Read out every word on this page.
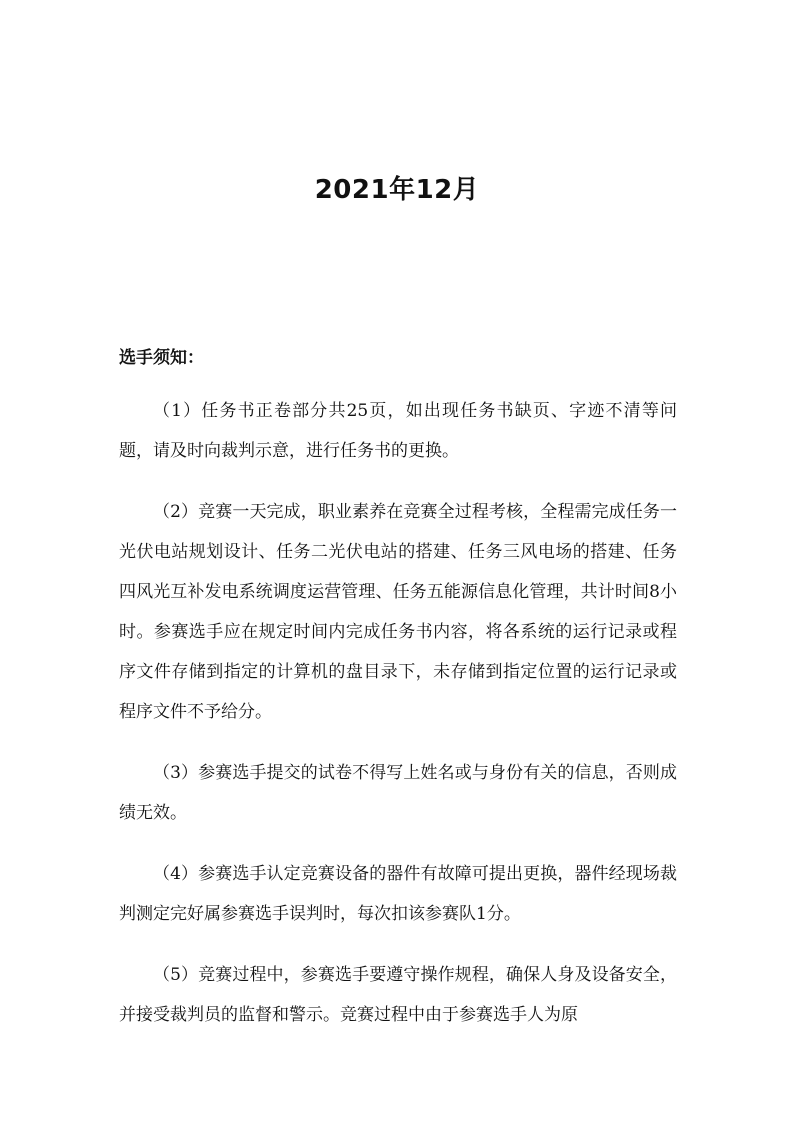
2021年12月
选手须知：

（1）任务书正卷部分共25页，如出现任务书缺页、字迹不清等问题，请及时向裁判示意，进行任务书的更换。

（2）竞赛一天完成，职业素养在竞赛全过程考核，全程需完成任务一光伏电站规划设计、任务二光伏电站的搭建、任务三风电场的搭建、任务四风光互补发电系统调度运营管理、任务五能源信息化管理，共计时间8小时。参赛选手应在规定时间内完成任务书内容，将各系统的运行记录或程序文件存储到指定的计算机的盘目录下，未存储到指定位置的运行记录或程序文件不予给分。

（3）参赛选手提交的试卷不得写上姓名或与身份有关的信息，否则成绩无效。

（4）参赛选手认定竞赛设备的器件有故障可提出更换，器件经现场裁判测定完好属参赛选手误判时，每次扣该参赛队1分。

（5）竞赛过程中，参赛选手要遵守操作规程，确保人身及设备安全，并接受裁判员的监督和警示。竞赛过程中由于参赛选手人为原
